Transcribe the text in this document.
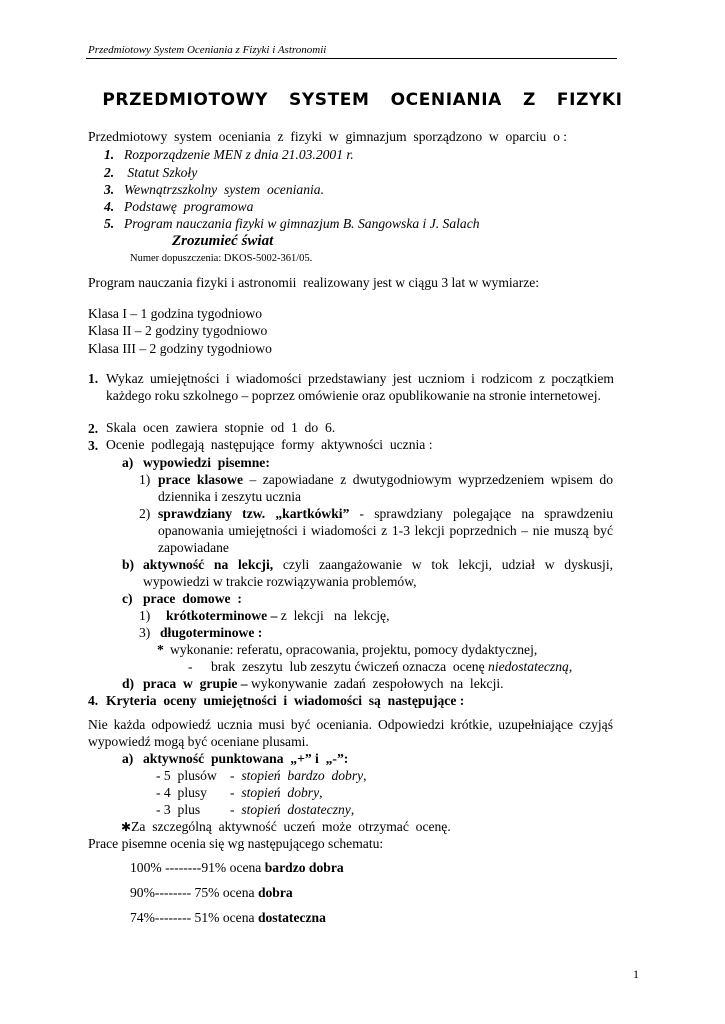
Przedmiotowy System Oceniania z Fizyki i Astronomii
PRZEDMIOTOWY  SYSTEM  OCENIANIA  Z  FIZYKI
Przedmiotowy  system  oceniania  z  fizyki  w  gimnazjum  sporządzono  w  oparciu  o :
1. Rozporządzenie MEN z dnia 21.03.2001 r.
2. Statut Szkoły
3. Wewnątrzszkolny  system  oceniania.
4. Podstawę  programowa
5. Program nauczania fizyki w gimnazjum B. Sangowska i J. Salach
Zrozumieć świat
Numer dopuszczenia: DKOS-5002-361/05.
Program nauczania fizyki i astronomii  realizowany jest w ciągu 3 lat w wymiarze:
Klasa I – 1 godzina tygodniowo
Klasa II – 2 godziny tygodniowo
Klasa III – 2 godziny tygodniowo
1. Wykaz umiejętności i wiadomości przedstawiany jest uczniom i rodzicom z początkiem każdego roku szkolnego – poprzez omówienie oraz opublikowanie na stronie internetowej.
2. Skala  ocen  zawiera  stopnie  od  1  do  6.
3. Ocenie  podlegają  następujące  formy  aktywności  ucznia :
a) wypowiedzi  pisemne:
1) prace klasowe – zapowiadane z dwutygodniowym wyprzedzeniem wpisem do dziennika i zeszytu ucznia
2) sprawdziany tzw. „kartkówki” - sprawdziany polegające na sprawdzeniu opanowania umiejętności i wiadomości z 1-3 lekcji poprzednich – nie muszą być zapowiadane
b) aktywność na lekcji, czyli zaangażowanie w tok lekcji, udział w dyskusji, wypowiedzi w trakcie rozwiązywania problemów,
c) prace  domowe  :
1) krótkoterminowe – z  lekcji   na  lekcję,
3) długoterminowe :
* wykonanie: referatu, opracowania, projektu, pomocy dydaktycznej,
- brak  zeszytu  lub zeszytu ćwiczeń oznacza  ocenę niedostateczną,
d) praca  w  grupie – wykonywanie  zadań  zespołowych  na  lekcji.
4. Kryteria  oceny  umiejętności  i  wiadomości  są  następujące :
Nie każda odpowiedź ucznia musi być oceniania. Odpowiedzi krótkie, uzupełniające czyjąś wypowiedź mogą być oceniane plusami.
a) aktywność  punktowana  „+” i  „-”:
- 5  plusów -  stopień  bardzo  dobry,
- 4  plusy -  stopień  dobry,
- 3  plus -  stopień  dostateczny,
✱Za  szczególną  aktywność  uczeń  może  otrzymać  ocenę.
Prace pisemne ocenia się wg następującego schematu:
100% --------91% ocena bardzo dobra
90%-------- 75% ocena dobra
74%-------- 51% ocena dostateczna
1
